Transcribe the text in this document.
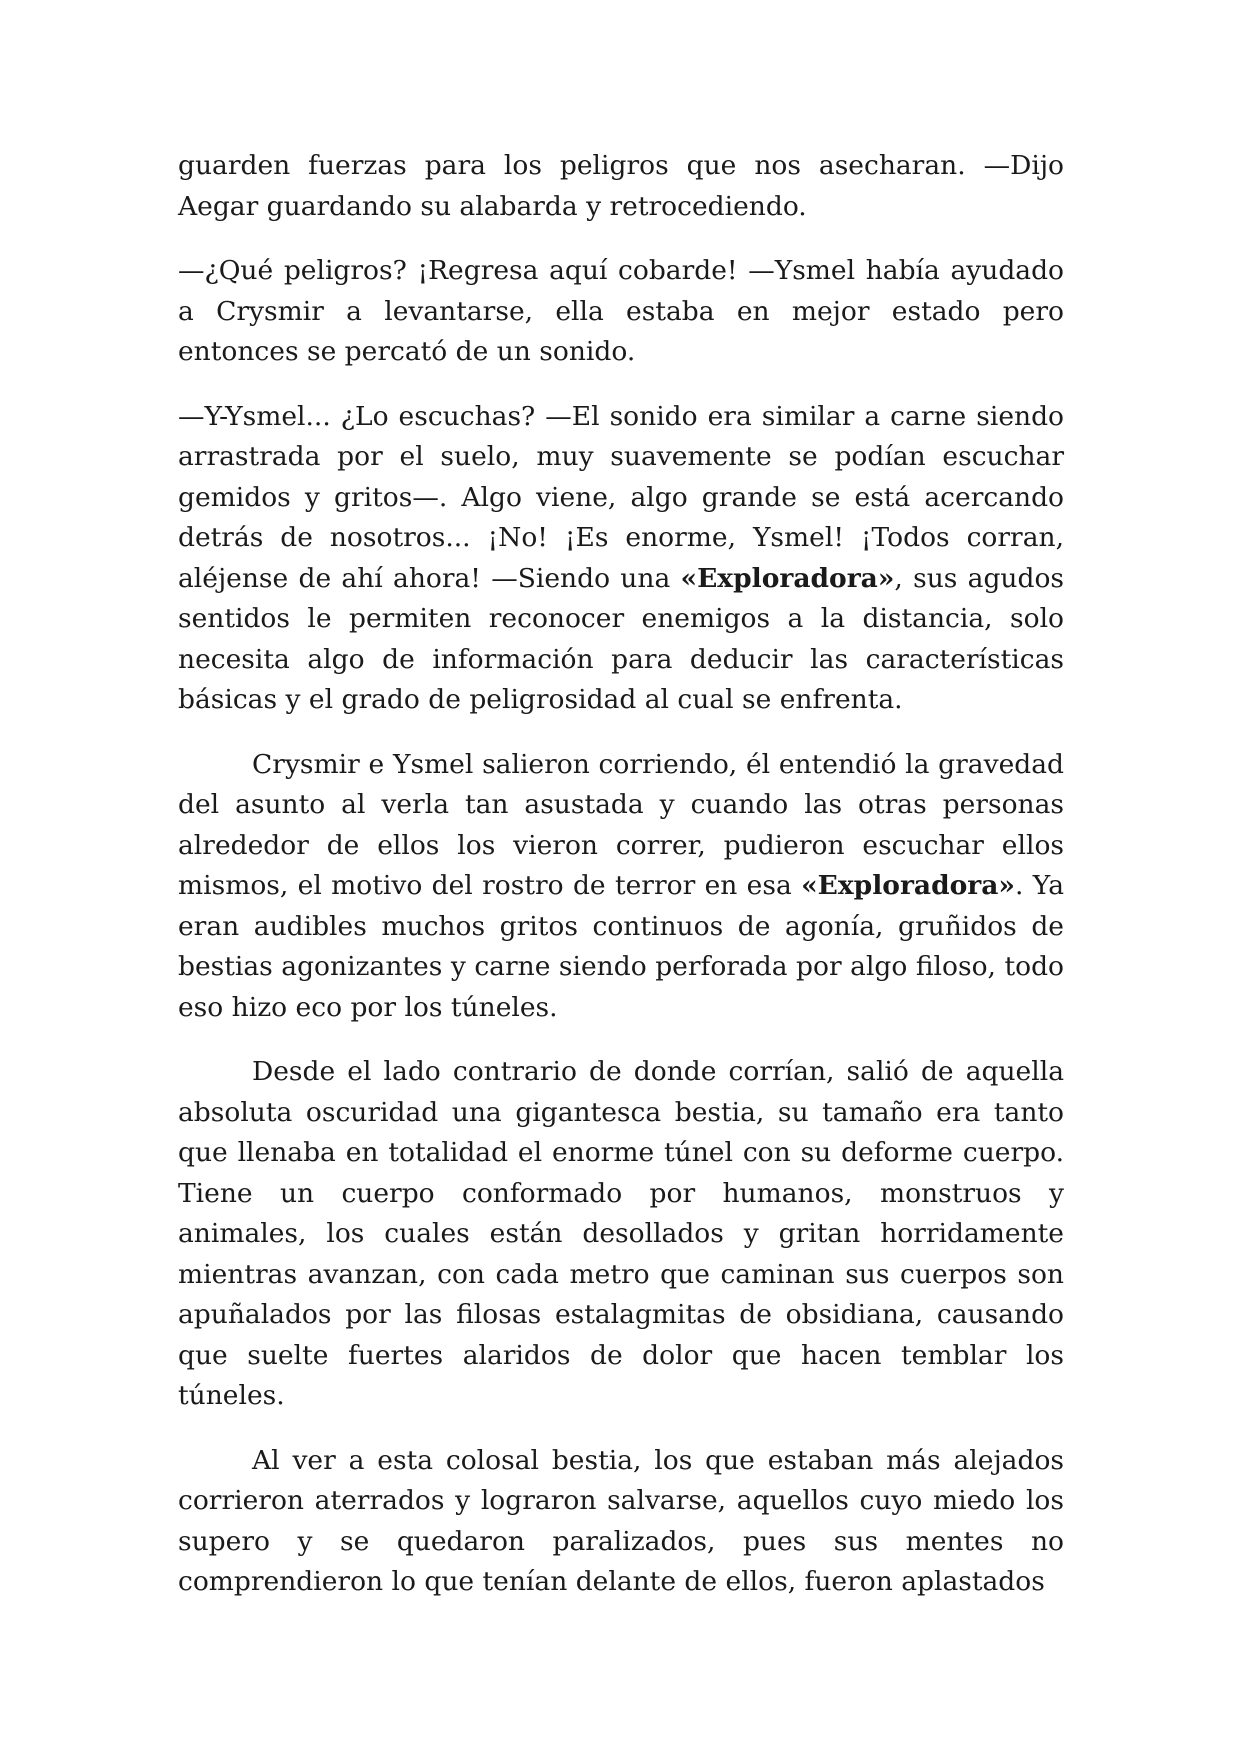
guarden fuerzas para los peligros que nos asecharan. —Dijo Aegar guardando su alabarda y retrocediendo.

—¿Qué peligros? ¡Regresa aquí cobarde! —Ysmel había ayudado a Crysmir a levantarse, ella estaba en mejor estado pero entonces se percató de un sonido.

—Y-Ysmel... ¿Lo escuchas? —El sonido era similar a carne siendo arrastrada por el suelo, muy suavemente se podían escuchar gemidos y gritos—. Algo viene, algo grande se está acercando detrás de nosotros... ¡No! ¡Es enorme, Ysmel! ¡Todos corran, aléjense de ahí ahora! —Siendo una «Exploradora», sus agudos sentidos le permiten reconocer enemigos a la distancia, solo necesita algo de información para deducir las características básicas y el grado de peligrosidad al cual se enfrenta.

Crysmir e Ysmel salieron corriendo, él entendió la gravedad del asunto al verla tan asustada y cuando las otras personas alrededor de ellos los vieron correr, pudieron escuchar ellos mismos, el motivo del rostro de terror en esa «Exploradora». Ya eran audibles muchos gritos continuos de agonía, gruñidos de bestias agonizantes y carne siendo perforada por algo filoso, todo eso hizo eco por los túneles.

Desde el lado contrario de donde corrían, salió de aquella absoluta oscuridad una gigantesca bestia, su tamaño era tanto que llenaba en totalidad el enorme túnel con su deforme cuerpo. Tiene un cuerpo conformado por humanos, monstruos y animales, los cuales están desollados y gritan horridamente mientras avanzan, con cada metro que caminan sus cuerpos son apuñalados por las filosas estalagmitas de obsidiana, causando que suelte fuertes alaridos de dolor que hacen temblar los túneles.

Al ver a esta colosal bestia, los que estaban más alejados corrieron aterrados y lograron salvarse, aquellos cuyo miedo los supero y se quedaron paralizados, pues sus mentes no comprendieron lo que tenían delante de ellos, fueron aplastados
